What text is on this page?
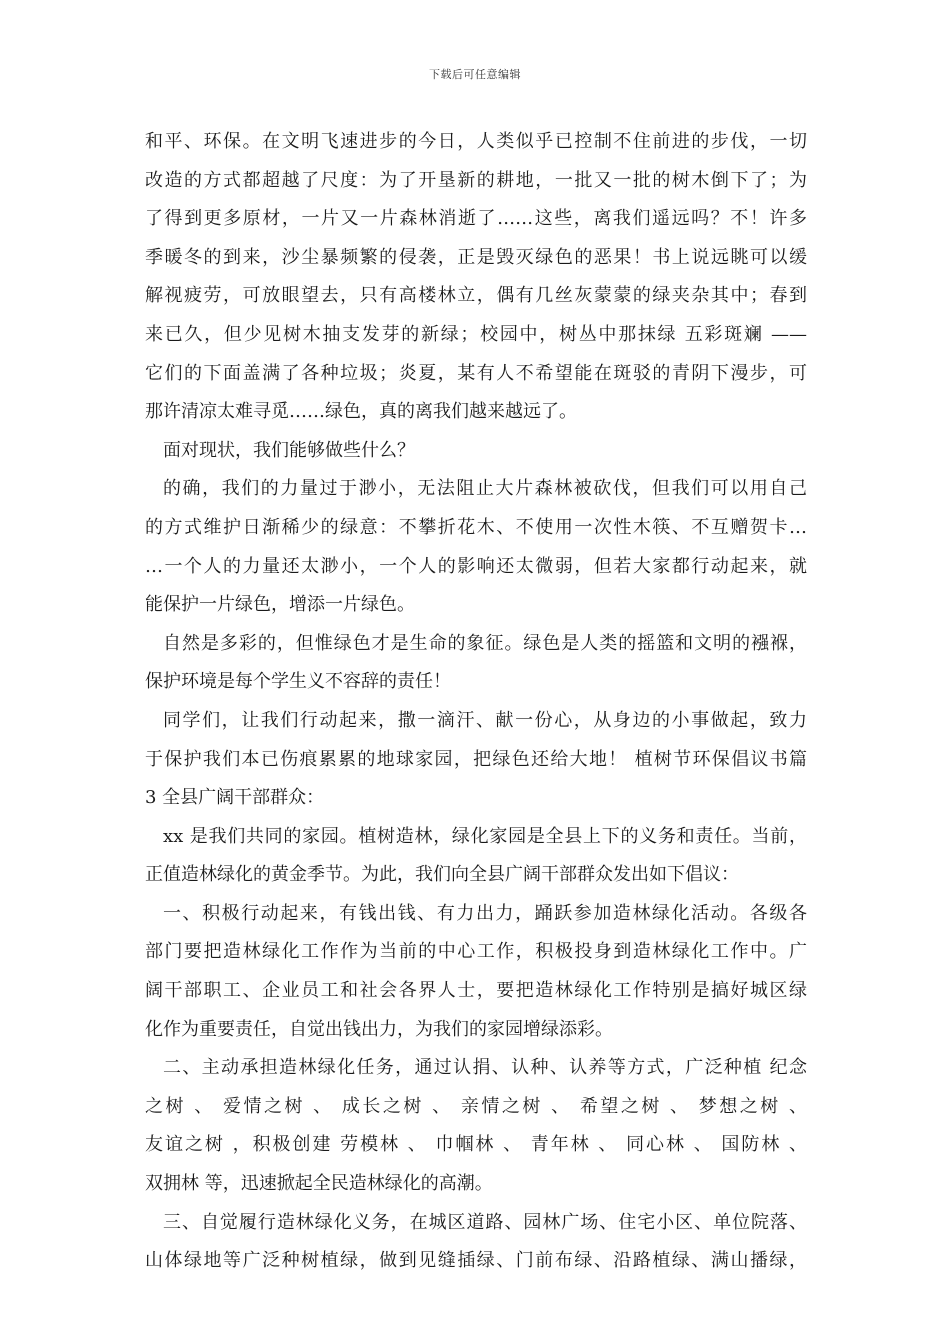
下载后可任意编辑
和平、环保。在文明飞速进步的今日，人类似乎已控制不住前进的步伐，一切
改造的方式都超越了尺度：为了开垦新的耕地，一批又一批的树木倒下了；为
了得到更多原材，一片又一片森林消逝了……这些，离我们遥远吗？不！许多
季暖冬的到来，沙尘暴频繁的侵袭，正是毁灭绿色的恶果！书上说远眺可以缓
解视疲劳，可放眼望去，只有高楼林立，偶有几丝灰蒙蒙的绿夹杂其中；春到
来已久，但少见树木抽支发芽的新绿；校园中，树丛中那抹绿 五彩斑斓 ——
它们的下面盖满了各种垃圾；炎夏，某有人不希望能在斑驳的青阴下漫步，可
那许清凉太难寻觅……绿色，真的离我们越来越远了。
面对现状，我们能够做些什么？
的确，我们的力量过于渺小，无法阻止大片森林被砍伐，但我们可以用自己
的方式维护日渐稀少的绿意：不攀折花木、不使用一次性木筷、不互赠贺卡…
…一个人的力量还太渺小，一个人的影响还太微弱，但若大家都行动起来，就
能保护一片绿色，增添一片绿色。
自然是多彩的，但惟绿色才是生命的象征。绿色是人类的摇篮和文明的襁褓，
保护环境是每个学生义不容辞的责任！
同学们，让我们行动起来，撒一滴汗、献一份心，从身边的小事做起，致力
于保护我们本已伤痕累累的地球家园，把绿色还给大地！ 植树节环保倡议书篇
3 全县广阔干部群众：
xx 是我们共同的家园。植树造林，绿化家园是全县上下的义务和责任。当前，
正值造林绿化的黄金季节。为此，我们向全县广阔干部群众发出如下倡议：
一、积极行动起来，有钱出钱、有力出力，踊跃参加造林绿化活动。各级各
部门要把造林绿化工作作为当前的中心工作，积极投身到造林绿化工作中。广
阔干部职工、企业员工和社会各界人士，要把造林绿化工作特别是搞好城区绿
化作为重要责任，自觉出钱出力，为我们的家园增绿添彩。
二、主动承担造林绿化任务，通过认捐、认种、认养等方式，广泛种植 纪念
之树 、 爱情之树 、 成长之树 、 亲情之树 、 希望之树 、 梦想之树 、
友谊之树 ，积极创建 劳模林 、 巾帼林 、 青年林 、 同心林 、 国防林 、
双拥林 等，迅速掀起全民造林绿化的高潮。
三、自觉履行造林绿化义务，在城区道路、园林广场、住宅小区、单位院落、
山体绿地等广泛种树植绿，做到见缝插绿、门前布绿、沿路植绿、满山播绿，
